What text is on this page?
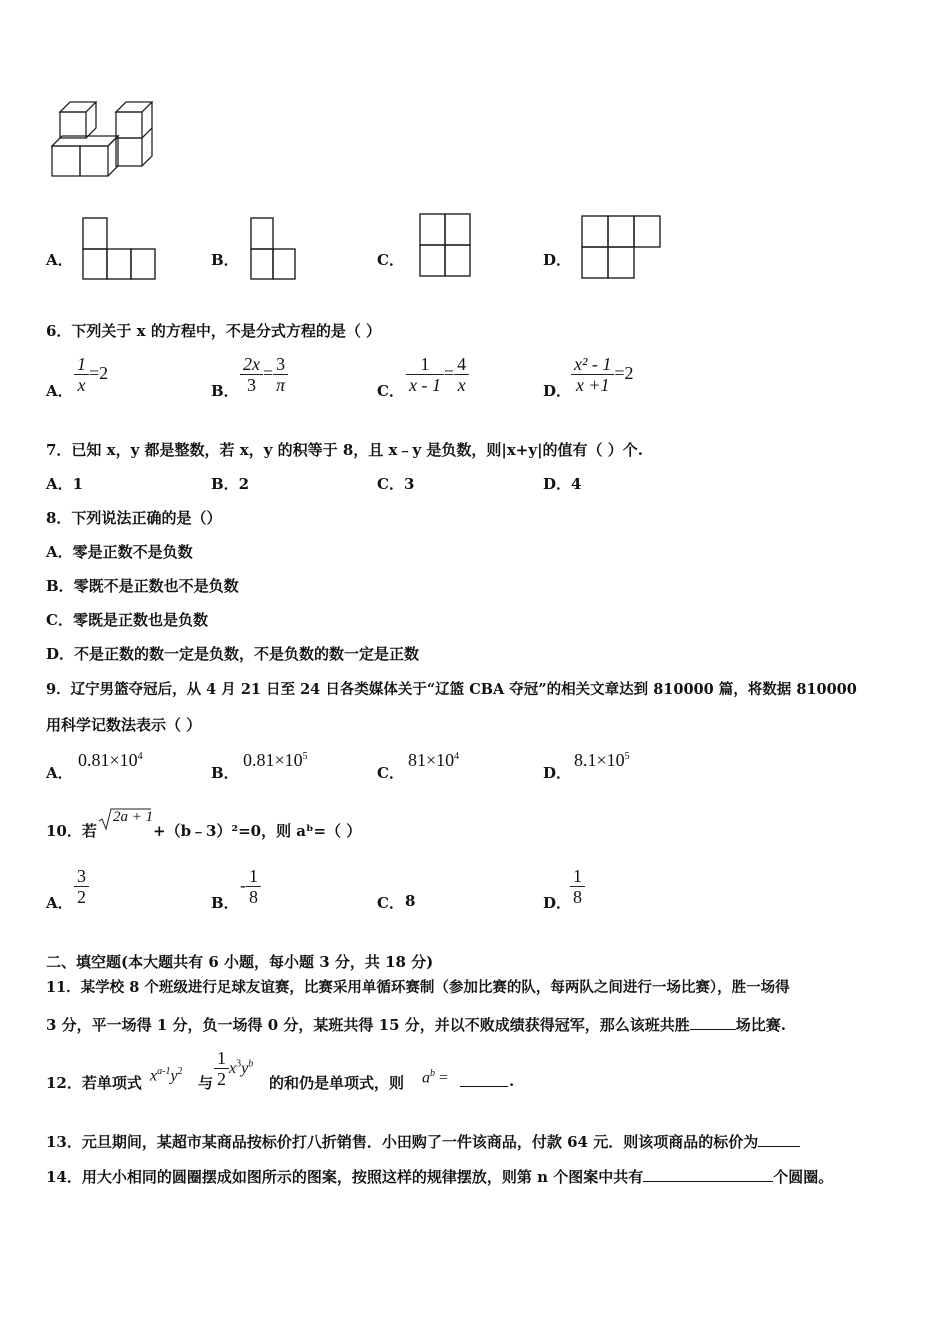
A．	B．	C．	D．
6．下列关于 x 的方程中，不是分式方程的是（ ）
A． $\frac{1}{x} =2$
B． $\frac{2x}{3} = \frac{3}{\pi}$	C． $\frac{1}{x - 1} = \frac{4}{x}$	D． $\frac{\text{x² - 1}}{x +1} =2$
7．已知 x，y 都是整数，若 x，y 的积等于 8，且 x﹣y 是负数，则|x+y|的值有（ ）个.
A．1	B．2	C．3	D．4
8．下列说法正确的是（）
A．零是正数不是负数
B．零既不是正数也不是负数
C．零既是正数也是负数
D．不是正数的数一定是负数，不是负数的数一定是正数
9．辽宁男篮夺冠后，从 4 月 21 日至 24 日各类媒体关于“辽篮 CBA 夺冠”的相关文章达到 810000 篇，将数据 810000
用科学记数法表示（ ）
A．
$0.81\times 10^4$
B．
$0.81\times 10^5$
C．
$81\times 10^4$
D．
$8.1\times 10^5$
10．若
2a + 1
+（b﹣3）²=0，则 aᵇ=（ ）
A． $\frac{3}{2}$	B．
- $\frac{1}{8}$	C． 8	D．
$\frac{1}{8}$
二、填空题(本大题共有 6 小题，每小题 3 分，共 18 分)
11．某学校 8 个班级进行足球友谊赛，比赛采用单循环赛制（参加比赛的队，每两队之间进行一场比赛），胜一场得
3 分，平一场得 1 分，负一场得 0 分，某班共得 15 分，并以不败成绩获得冠军，那么该班共胜	场比赛.
12．若单项式 $x^{a-1}y^2$
与 $\frac{1}{2} x^3y^b$
的和仍是单项式，则 $a^b$ =	.
13．元旦期间，某超市某商品按标价打八折销售．小田购了一件该商品，付款 64 元．则该项商品的标价为
14．用大小相同的圆圈摆成如图所示的图案，按照这样的规律摆放，则第 n 个图案中共有	个圆圈。
